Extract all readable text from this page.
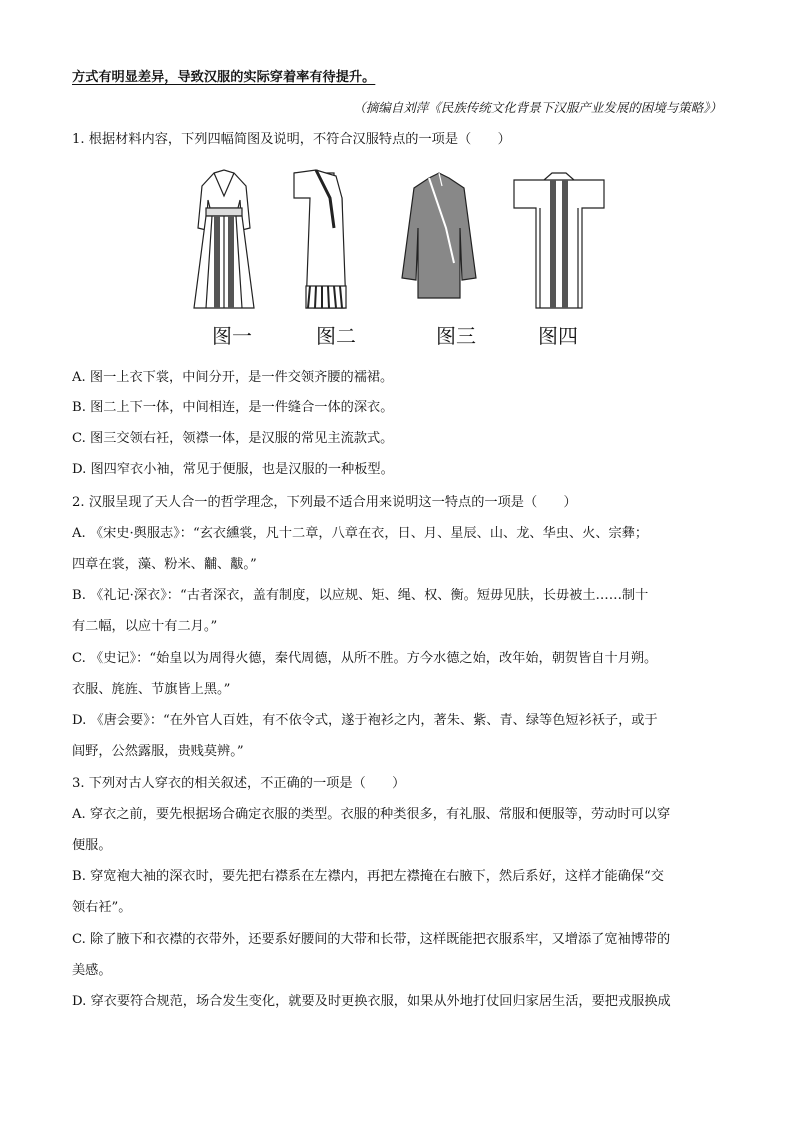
方式有明显差异，导致汉服的实际穿着率有待提升。
（摘编自刘萍《民族传统文化背景下汉服产业发展的困境与策略》）
1. 根据材料内容，下列四幅简图及说明，不符合汉服特点的一项是（　　）
图一	图二	图三	图四
A. 图一上衣下裳，中间分开，是一件交领齐腰的襦裙。
B. 图二上下一体，中间相连，是一件缝合一体的深衣。
C. 图三交领右衽，领襟一体，是汉服的常见主流款式。
D. 图四窄衣小袖，常见于便服，也是汉服的一种板型。
2. 汉服呈现了天人合一的哲学理念，下列最不适合用来说明这一特点的一项是（　　）
A. 《宋史·舆服志》：“玄衣纁裳，凡十二章，八章在衣，日、月、星辰、山、龙、华虫、火、宗彝；
四章在裳，藻、粉米、黼、黻。”
B. 《礼记·深衣》：“古者深衣，盖有制度，以应规、矩、绳、权、衡。短毋见肤，长毋被土……制十
有二幅，以应十有二月。”
C. 《史记》：“始皇以为周得火德，秦代周德，从所不胜。方今水德之始，改年始，朝贺皆自十月朔。
衣服、旄旌、节旗皆上黑。”
D. 《唐会要》：“在外官人百姓，有不依令式，遂于袍衫之内，著朱、紫、青、绿等色短衫袄子，或于
闾野，公然露服，贵贱莫辨。”
3. 下列对古人穿衣的相关叙述，不正确的一项是（　　）
A. 穿衣之前，要先根据场合确定衣服的类型。衣服的种类很多，有礼服、常服和便服等，劳动时可以穿
便服。
B. 穿宽袍大袖的深衣时，要先把右襟系在左襟内，再把左襟掩在右腋下，然后系好，这样才能确保“交
领右衽”。
C. 除了腋下和衣襟的衣带外，还要系好腰间的大带和长带，这样既能把衣服系牢，又增添了宽袖博带的
美感。
D. 穿衣要符合规范，场合发生变化，就要及时更换衣服，如果从外地打仗回归家居生活，要把戎服换成
